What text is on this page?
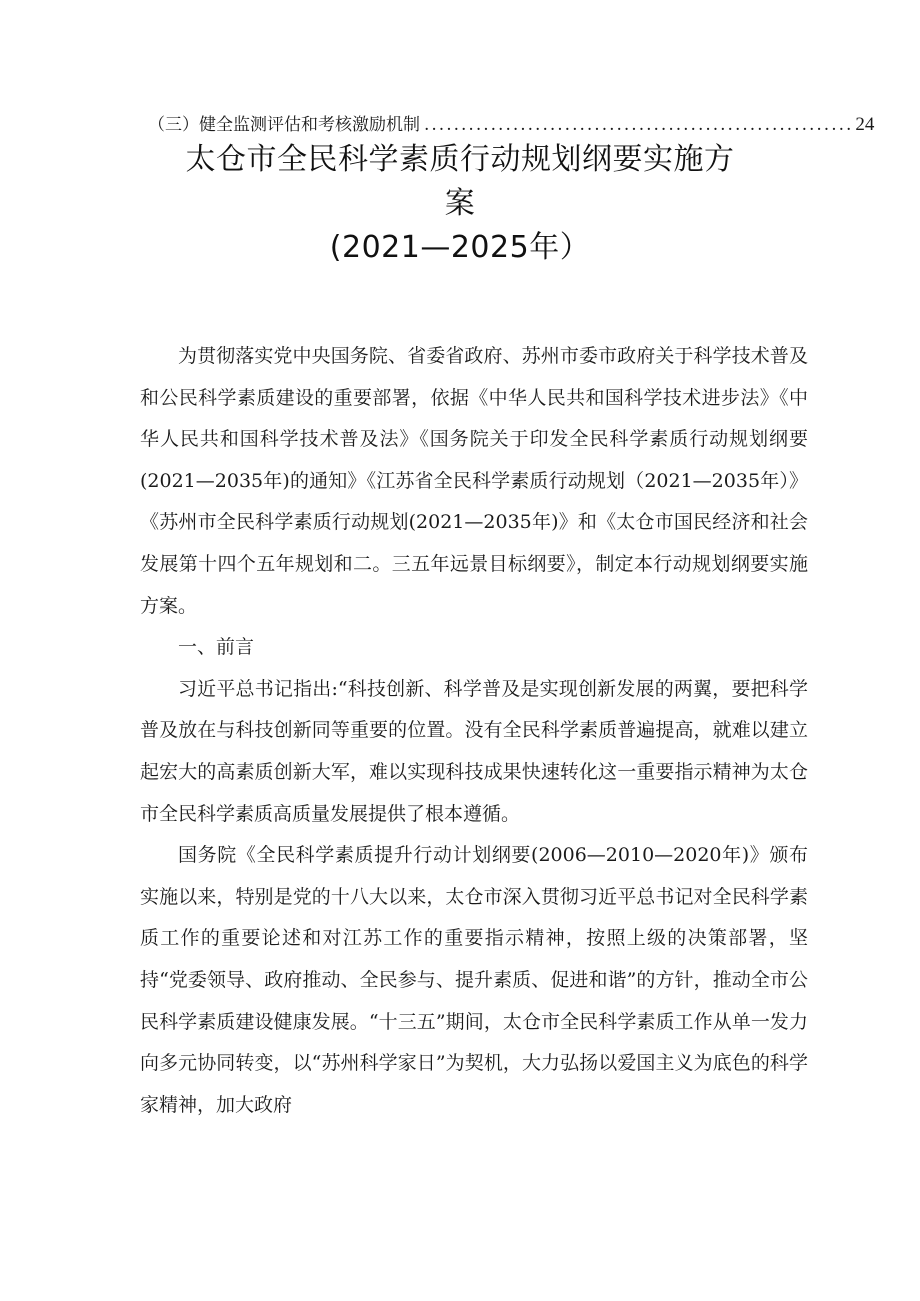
（三）健全监测评估和考核激励机制 .......................................................... 24
太仓市全民科学素质行动规划纲要实施方
案
(2021—2025年）

为贯彻落实党中央国务院、省委省政府、苏州市委市政府关于科学技术普及和公民科学素质建设的重要部署，依据《中华人民共和国科学技术进步法》《中华人民共和国科学技术普及法》《国务院关于印发全民科学素质行动规划纲要(2021—2035年)的通知》《江苏省全民科学素质行动规划（2021—2035年）》《苏州市全民科学素质行动规划(2021—2035年)》和《太仓市国民经济和社会发展第十四个五年规划和二。三五年远景目标纲要》，制定本行动规划纲要实施方案。

一、前言

习近平总书记指出:“科技创新、科学普及是实现创新发展的两翼，要把科学普及放在与科技创新同等重要的位置。没有全民科学素质普遍提高，就难以建立起宏大的高素质创新大军，难以实现科技成果快速转化这一重要指示精神为太仓市全民科学素质高质量发展提供了根本遵循。

国务院《全民科学素质提升行动计划纲要(2006—2010—2020年)》颁布实施以来，特别是党的十八大以来，太仓市深入贯彻习近平总书记对全民科学素质工作的重要论述和对江苏工作的重要指示精神，按照上级的决策部署，坚持“党委领导、政府推动、全民参与、提升素质、促进和谐”的方针，推动全市公民科学素质建设健康发展。“十三五”期间，太仓市全民科学素质工作从单一发力向多元协同转变，以“苏州科学家日”为契机，大力弘扬以爱国主义为底色的科学家精神，加大政府
